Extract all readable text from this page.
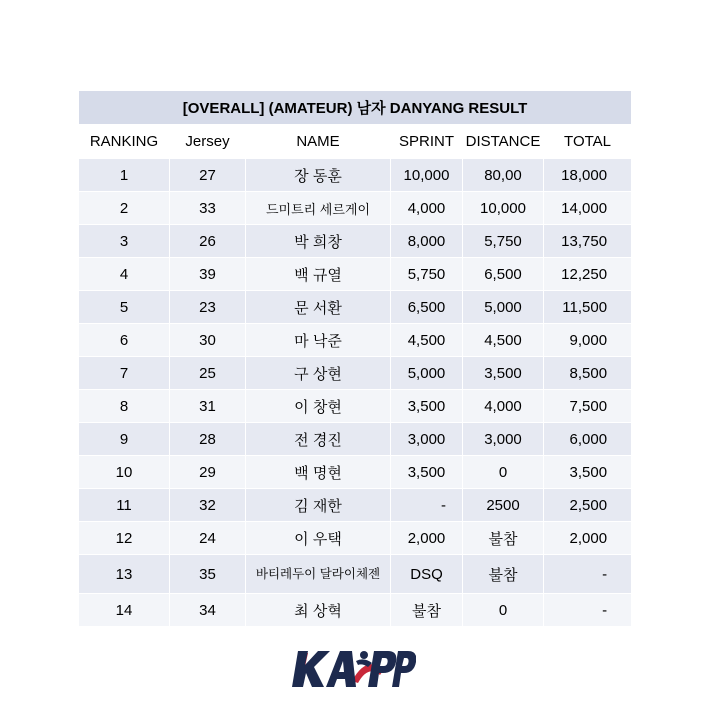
[OVERALL] (AMATEUR) 남자 DANYANG RESULT					
RANKING	Jersey	NAME	SPRINT	DISTANCE	TOTAL
1	27	장 동훈	10,000	80,00	18,000
2	33	드미트리 세르게이	4,000	10,000	14,000
3	26	박 희창	8,000	5,750	13,750
4	39	백 규열	5,750	6,500	12,250
5	23	문 서환	6,500	5,000	11,500
6	30	마 낙준	4,500	4,500	9,000
7	25	구 상현	5,000	3,500	8,500
8	31	이 창현	3,500	4,000	7,500
9	28	전 경진	3,000	3,000	6,000
10	29	백 명현	3,500	0	3,500
11	32	김 재한	-	2500	2,500
12	24	이 우택	2,000	불참	2,000
13	35	바티레두이 달라이체젠	DSQ	불참	-
14	34	최 상혁	불참	0	-
